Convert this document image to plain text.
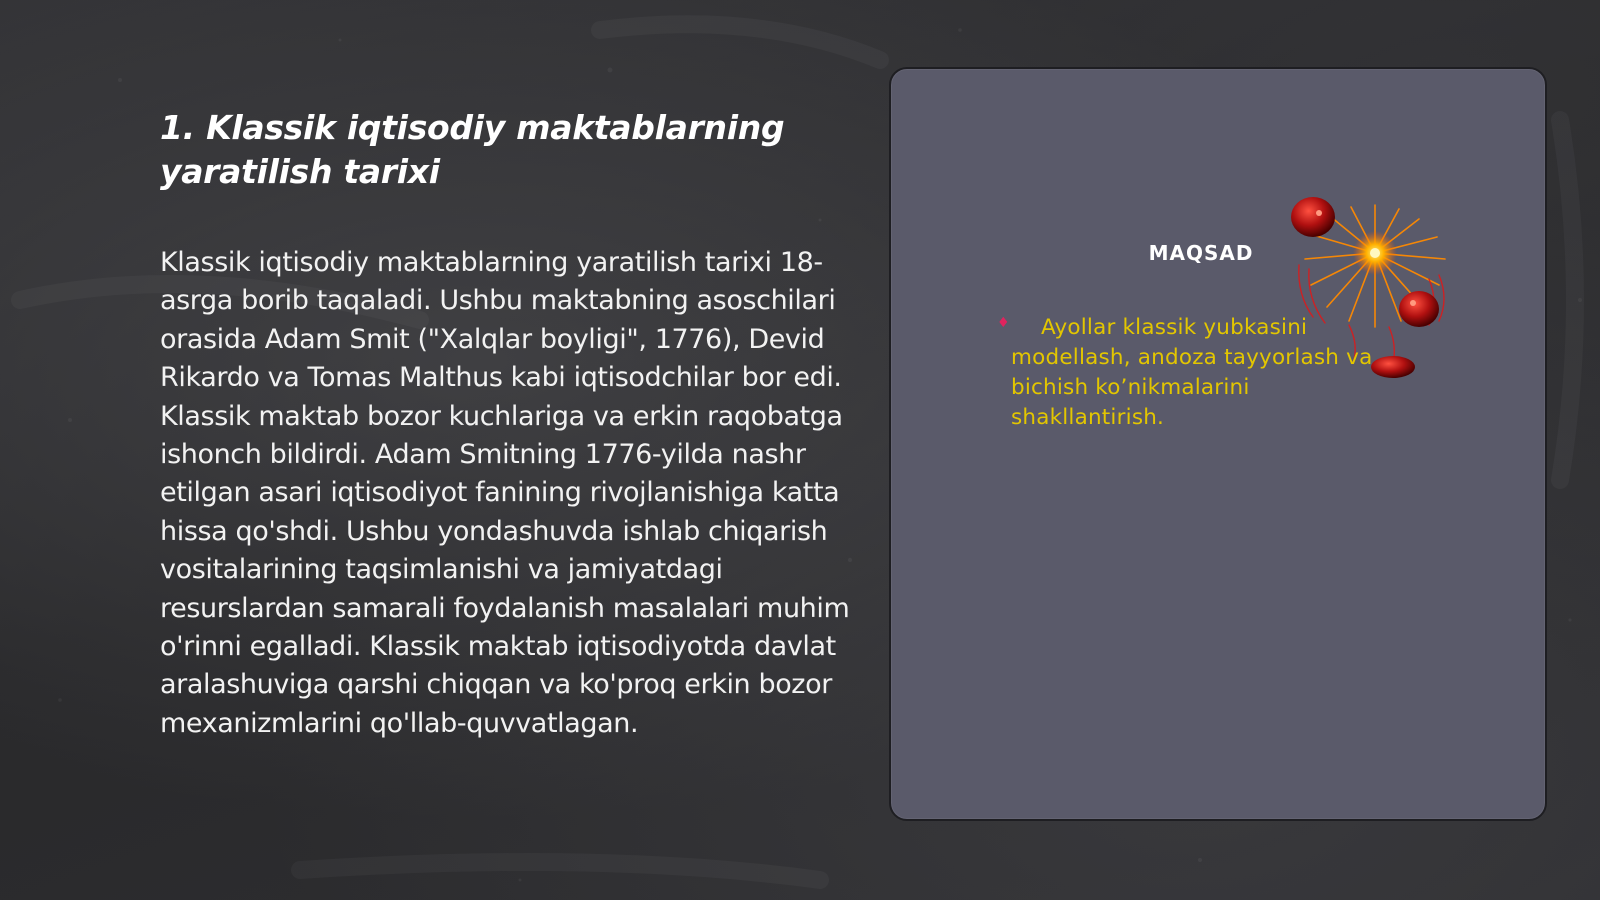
1. Klassik iqtisodiy maktablarning
yaratilish tarixi

Klassik iqtisodiy maktablarning yaratilish tarixi 18-asrga borib taqaladi. Ushbu maktabning asoschilari orasida Adam Smit ("Xalqlar boyligi", 1776), Devid Rikardo va Tomas Malthus kabi iqtisodchilar bor edi. Klassik maktab bozor kuchlariga va erkin raqobatga ishonch bildirdi. Adam Smitning 1776-yilda nashr etilgan asari iqtisodiyot fanining rivojlanishiga katta hissa qo'shdi. Ushbu yondashuvda ishlab chiqarish vositalarining taqsimlanishi va jamiyatdagi resurslardan samarali foydalanish masalalari muhim o'rinni egalladi. Klassik maktab iqtisodiyotda davlat aralashuviga qarshi chiqqan va ko'proq erkin bozor mexanizmlarini qo'llab-quvvatlagan.

MAQSAD

♦	Ayollar klassik yubkasini modellash, andoza tayyorlash va bichish ko’nikmalarini shakllantirish.
